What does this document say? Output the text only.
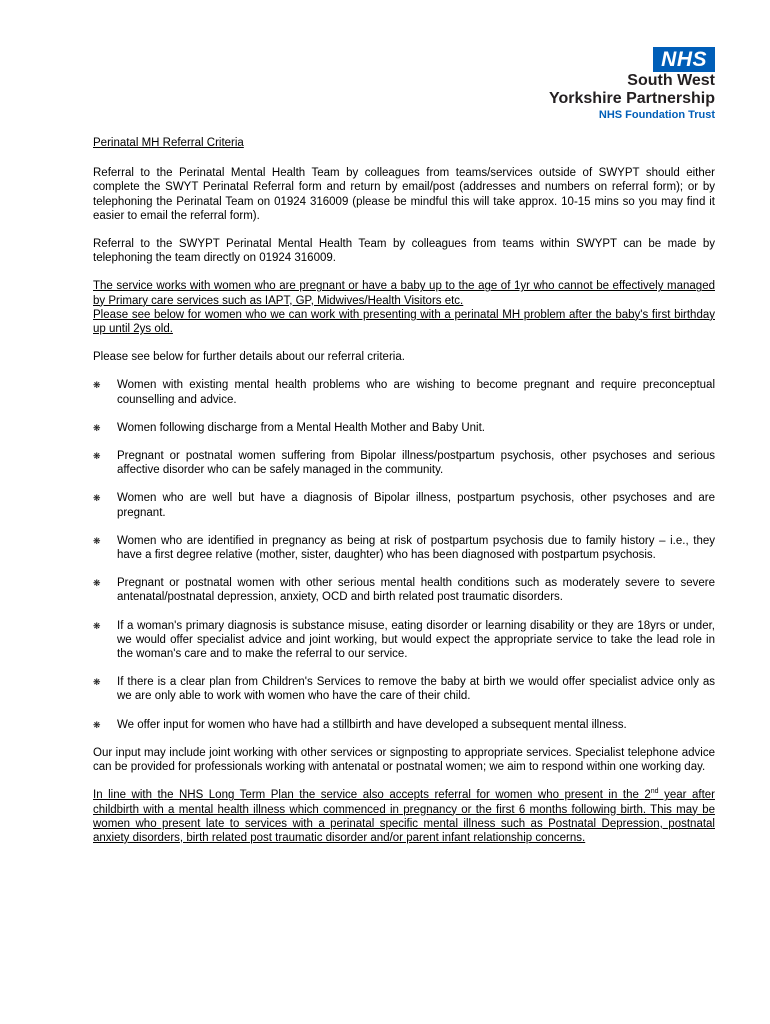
NHS
South West
Yorkshire Partnership
NHS Foundation Trust

Perinatal MH Referral Criteria

Referral to the Perinatal Mental Health Team by colleagues from teams/services outside of SWYPT should either complete the SWYT Perinatal Referral form and return by email/post (addresses and numbers on referral form); or by telephoning the Perinatal Team on 01924 316009 (please be mindful this will take approx. 10-15 mins so you may find it easier to email the referral form).

Referral to the SWYPT Perinatal Mental Health Team by colleagues from teams within SWYPT can be made by telephoning the team directly on 01924 316009.

The service works with women who are pregnant or have a baby up to the age of 1yr who cannot be effectively managed by Primary care services such as IAPT, GP, Midwives/Health Visitors etc.
Please see below for women who we can work with presenting with a perinatal MH problem after the baby's first birthday up until 2ys old.

Please see below for further details about our referral criteria.

❋ Women with existing mental health problems who are wishing to become pregnant and require preconceptual counselling and advice.
❋ Women following discharge from a Mental Health Mother and Baby Unit.
❋ Pregnant or postnatal women suffering from Bipolar illness/postpartum psychosis, other psychoses and serious affective disorder who can be safely managed in the community.
❋ Women who are well but have a diagnosis of Bipolar illness, postpartum psychosis, other psychoses and are pregnant.
❋ Women who are identified in pregnancy as being at risk of postpartum psychosis due to family history – i.e., they have a first degree relative (mother, sister, daughter) who has been diagnosed with postpartum psychosis.
❋ Pregnant or postnatal women with other serious mental health conditions such as moderately severe to severe antenatal/postnatal depression, anxiety, OCD and birth related post traumatic disorders.
❋ If a woman's primary diagnosis is substance misuse, eating disorder or learning disability or they are 18yrs or under, we would offer specialist advice and joint working, but would expect the appropriate service to take the lead role in the woman's care and to make the referral to our service.
❋ If there is a clear plan from Children's Services to remove the baby at birth we would offer specialist advice only as we are only able to work with women who have the care of their child.
❋ We offer input for women who have had a stillbirth and have developed a subsequent mental illness.

Our input may include joint working with other services or signposting to appropriate services. Specialist telephone advice can be provided for professionals working with antenatal or postnatal women; we aim to respond within one working day.

In line with the NHS Long Term Plan the service also accepts referral for women who present in the 2nd year after childbirth with a mental health illness which commenced in pregnancy or the first 6 months following birth. This may be women who present late to services with a perinatal specific mental illness such as Postnatal Depression, postnatal anxiety disorders, birth related post traumatic disorder and/or parent infant relationship concerns.
